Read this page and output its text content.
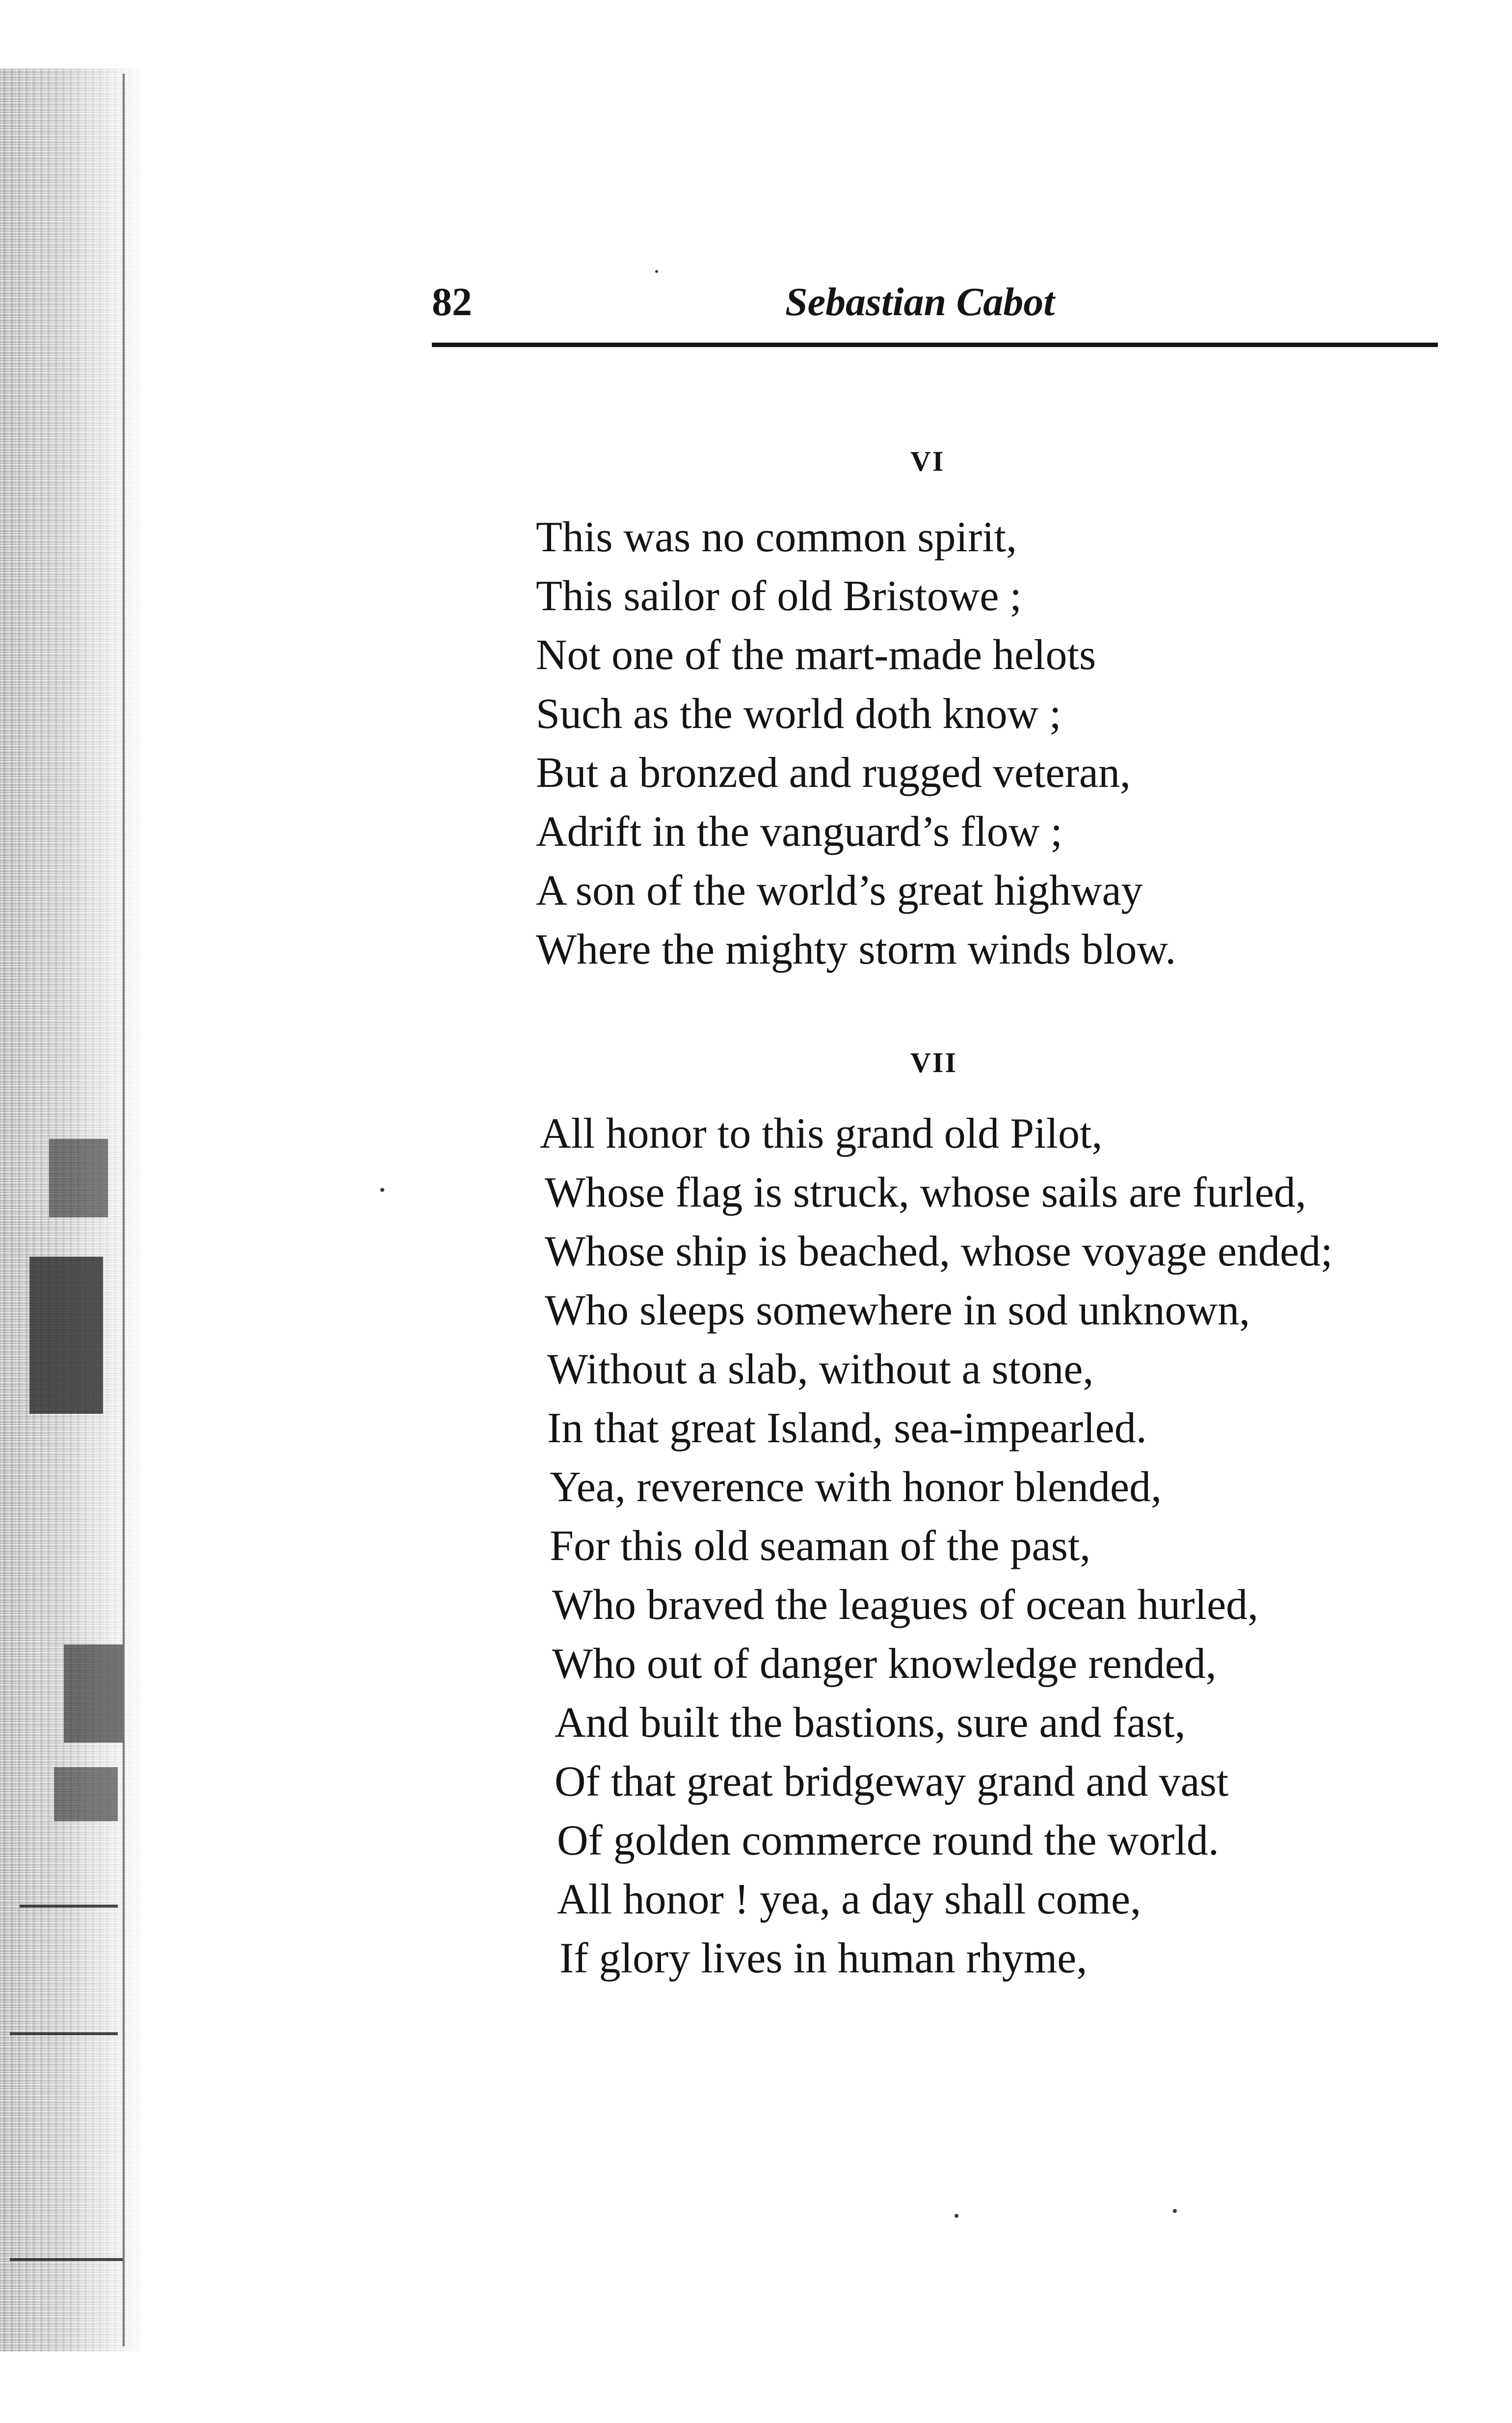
82	Sebastian Cabot
VI
This was no common spirit,
This sailor of old Bristowe ;
Not one of the mart-made helots
Such as the world doth know ;
But a bronzed and rugged veteran,
Adrift in the vanguard’s flow ;
A son of the world’s great highway
Where the mighty storm winds blow.
VII
All honor to this grand old Pilot,
Whose flag is struck, whose sails are furled,
Whose ship is beached, whose voyage ended;
Who sleeps somewhere in sod unknown,
Without a slab, without a stone,
In that great Island, sea-impearled.
Yea, reverence with honor blended,
For this old seaman of the past,
Who braved the leagues of ocean hurled,
Who out of danger knowledge rended,
And built the bastions, sure and fast,
Of that great bridgeway grand and vast
Of golden commerce round the world.
All honor ! yea, a day shall come,
If glory lives in human rhyme,
